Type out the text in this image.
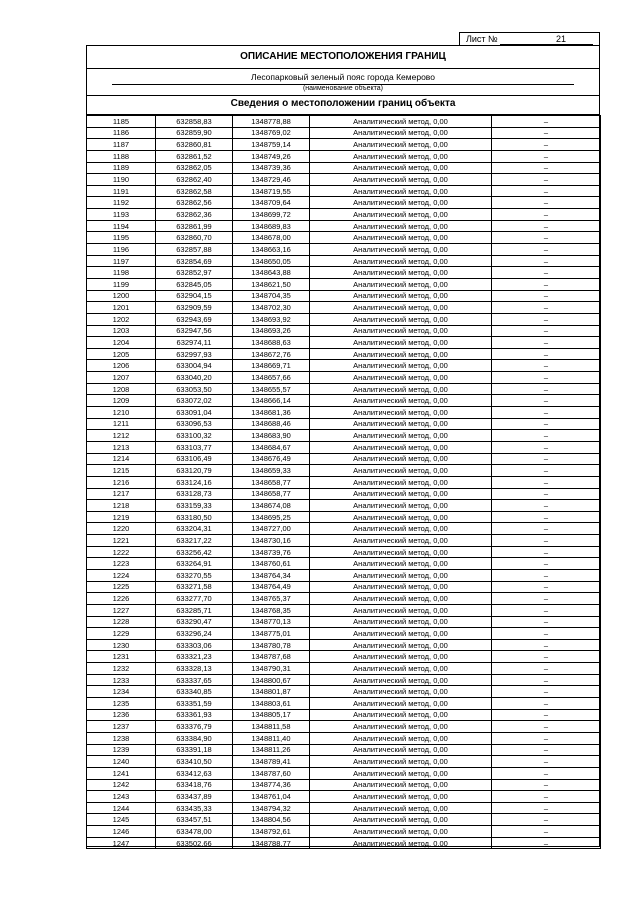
Лист №	21
ОПИСАНИЕ МЕСТОПОЛОЖЕНИЯ ГРАНИЦ
Лесопарковый зеленый пояс города Кемерово
(наименование объекта)
Сведения о местоположении границ объекта
1185	632858,83	1348778,88	Аналитический метод, 0,00	–
1186	632859,90	1348769,02	Аналитический метод, 0,00	–
1187	632860,81	1348759,14	Аналитический метод, 0,00	–
1188	632861,52	1348749,26	Аналитический метод, 0,00	–
1189	632862,05	1348739,36	Аналитический метод, 0,00	–
1190	632862,40	1348729,46	Аналитический метод, 0,00	–
1191	632862,58	1348719,55	Аналитический метод, 0,00	–
1192	632862,56	1348709,64	Аналитический метод, 0,00	–
1193	632862,36	1348699,72	Аналитический метод, 0,00	–
1194	632861,99	1348689,83	Аналитический метод, 0,00	–
1195	632860,70	1348678,00	Аналитический метод, 0,00	–
1196	632857,88	1348663,16	Аналитический метод, 0,00	–
1197	632854,69	1348650,05	Аналитический метод, 0,00	–
1198	632852,97	1348643,88	Аналитический метод, 0,00	–
1199	632845,05	1348621,50	Аналитический метод, 0,00	–
1200	632904,15	1348704,35	Аналитический метод, 0,00	–
1201	632909,59	1348702,30	Аналитический метод, 0,00	–
1202	632943,69	1348693,92	Аналитический метод, 0,00	–
1203	632947,56	1348693,26	Аналитический метод, 0,00	–
1204	632974,11	1348688,63	Аналитический метод, 0,00	–
1205	632997,93	1348672,76	Аналитический метод, 0,00	–
1206	633004,94	1348669,71	Аналитический метод, 0,00	–
1207	633040,20	1348657,66	Аналитический метод, 0,00	–
1208	633053,50	1348655,57	Аналитический метод, 0,00	–
1209	633072,02	1348666,14	Аналитический метод, 0,00	–
1210	633091,04	1348681,36	Аналитический метод, 0,00	–
1211	633096,53	1348688,46	Аналитический метод, 0,00	–
1212	633100,32	1348683,90	Аналитический метод, 0,00	–
1213	633103,77	1348684,67	Аналитический метод, 0,00	–
1214	633106,49	1348676,49	Аналитический метод, 0,00	–
1215	633120,79	1348659,33	Аналитический метод, 0,00	–
1216	633124,16	1348658,77	Аналитический метод, 0,00	–
1217	633128,73	1348658,77	Аналитический метод, 0,00	–
1218	633159,33	1348674,08	Аналитический метод, 0,00	–
1219	633180,50	1348695,25	Аналитический метод, 0,00	–
1220	633204,31	1348727,00	Аналитический метод, 0,00	–
1221	633217,22	1348730,16	Аналитический метод, 0,00	–
1222	633256,42	1348739,76	Аналитический метод, 0,00	–
1223	633264,91	1348760,61	Аналитический метод, 0,00	–
1224	633270,55	1348764,34	Аналитический метод, 0,00	–
1225	633271,58	1348764,49	Аналитический метод, 0,00	–
1226	633277,70	1348765,37	Аналитический метод, 0,00	–
1227	633285,71	1348768,35	Аналитический метод, 0,00	–
1228	633290,47	1348770,13	Аналитический метод, 0,00	–
1229	633296,24	1348775,01	Аналитический метод, 0,00	–
1230	633303,06	1348780,78	Аналитический метод, 0,00	–
1231	633321,23	1348787,68	Аналитический метод, 0,00	–
1232	633328,13	1348790,31	Аналитический метод, 0,00	–
1233	633337,65	1348800,67	Аналитический метод, 0,00	–
1234	633340,85	1348801,87	Аналитический метод, 0,00	–
1235	633351,59	1348803,61	Аналитический метод, 0,00	–
1236	633361,93	1348805,17	Аналитический метод, 0,00	–
1237	633376,79	1348811,58	Аналитический метод, 0,00	–
1238	633384,90	1348811,40	Аналитический метод, 0,00	–
1239	633391,18	1348811,26	Аналитический метод, 0,00	–
1240	633410,50	1348789,41	Аналитический метод, 0,00	–
1241	633412,63	1348787,60	Аналитический метод, 0,00	–
1242	633418,76	1348774,36	Аналитический метод, 0,00	–
1243	633437,89	1348761,04	Аналитический метод, 0,00	–
1244	633435,33	1348794,32	Аналитический метод, 0,00	–
1245	633457,51	1348804,56	Аналитический метод, 0,00	–
1246	633478,00	1348792,61	Аналитический метод, 0,00	–
1247	633502,66	1348788,77	Аналитический метод, 0,00	–
